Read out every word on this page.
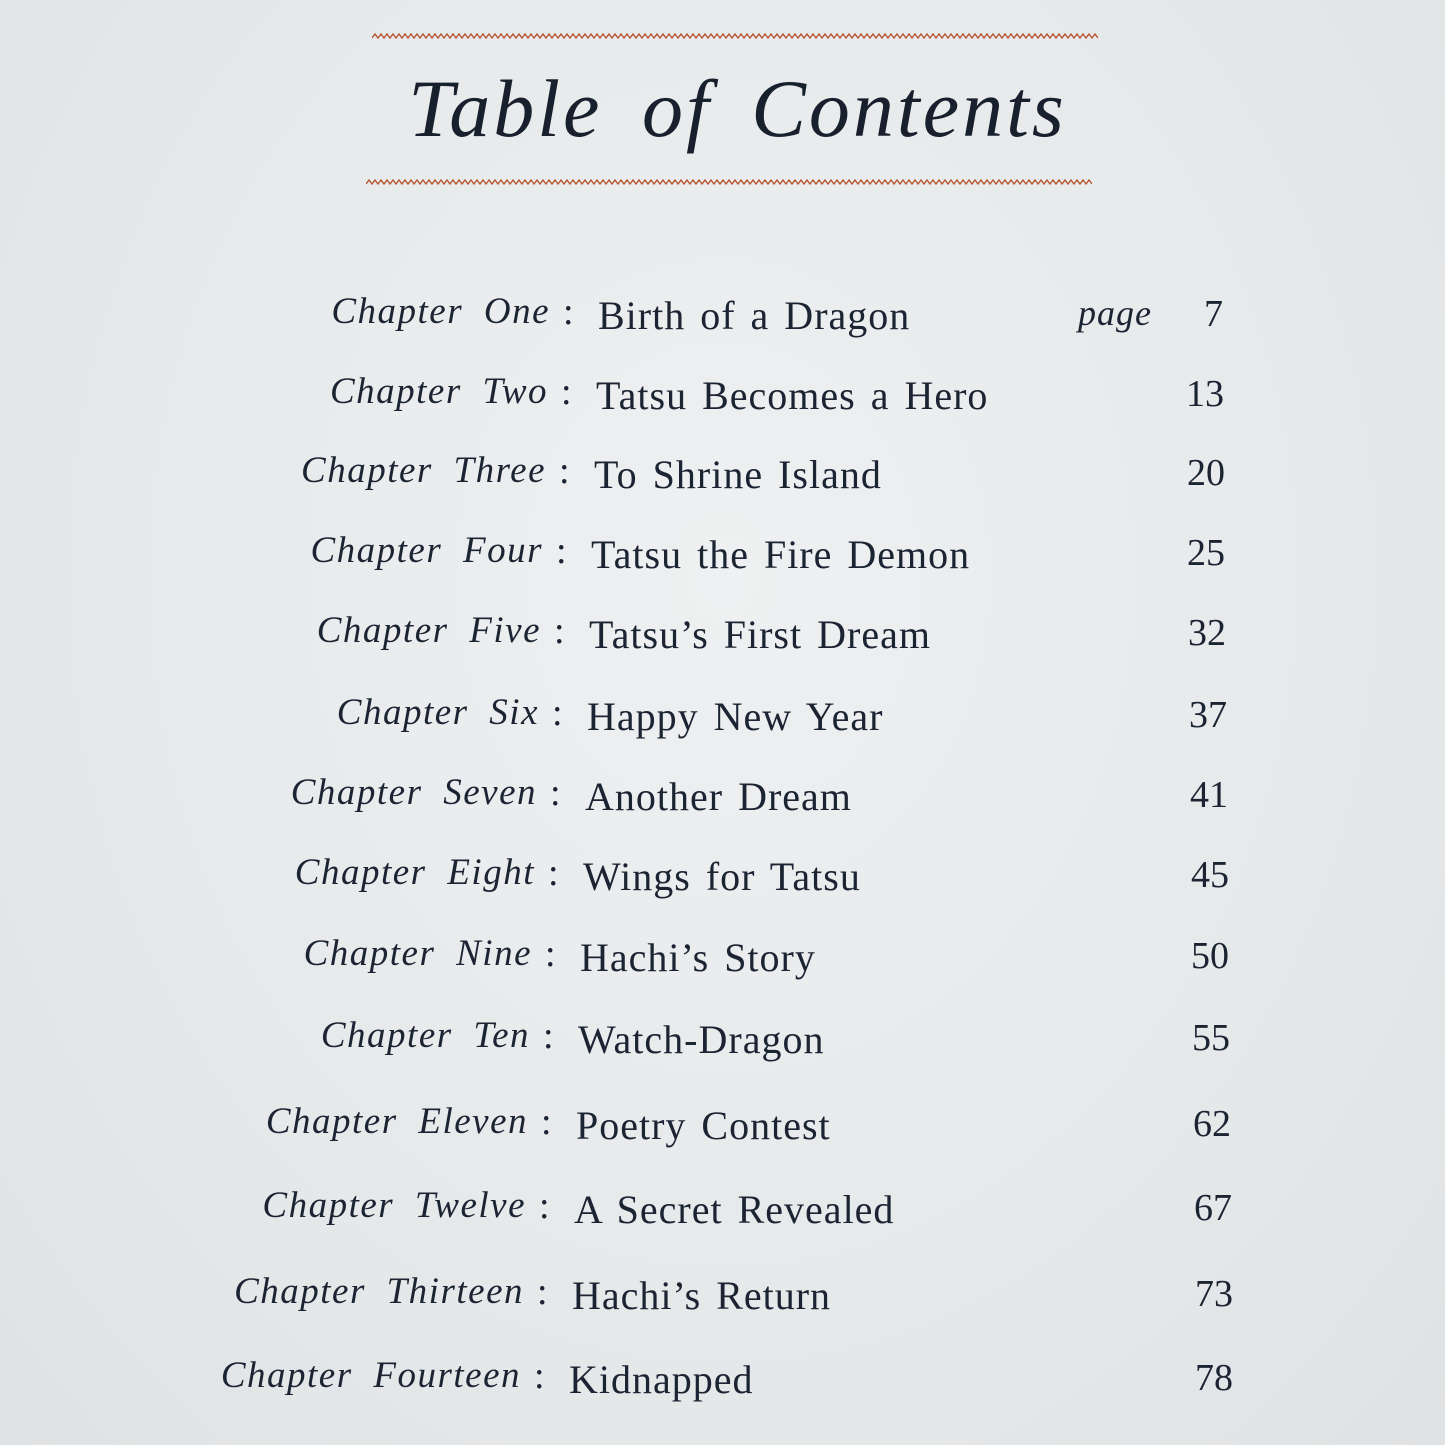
Table of Contents
Chapter One : Birth of a Dragon	page 7
Chapter Two : Tatsu Becomes a Hero	13
Chapter Three : To Shrine Island	20
Chapter Four : Tatsu the Fire Demon	25
Chapter Five : Tatsu’s First Dream	32
Chapter Six : Happy New Year	37
Chapter Seven : Another Dream	41
Chapter Eight : Wings for Tatsu	45
Chapter Nine : Hachi’s Story	50
Chapter Ten : Watch-Dragon	55
Chapter Eleven : Poetry Contest	62
Chapter Twelve : A Secret Revealed	67
Chapter Thirteen : Hachi’s Return	73
Chapter Fourteen : Kidnapped	78
